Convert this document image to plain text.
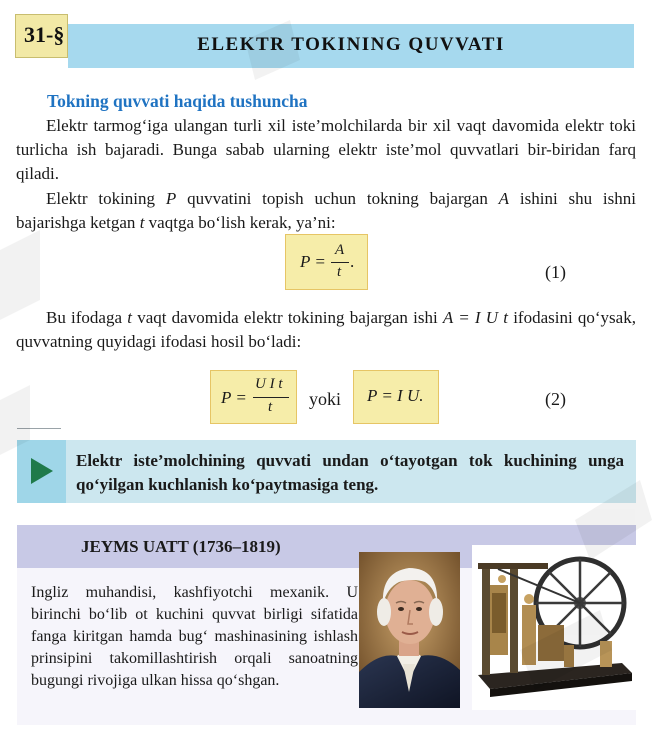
ELEKTR TOKINING QUVVATI
31-§
Tokning quvvati haqida tushuncha
Elektr tarmog‘iga ulangan turli xil iste’molchilarda bir xil vaqt davomida elektr toki turlicha ish bajaradi. Bunga sabab ularning elektr iste’mol quvvatlari bir-biridan farq qiladi.
Elektr tokining P quvvatini topish uchun tokning bajargan A ishini shu ishni bajarishga ketgan t vaqtga bo‘lish kerak, ya’ni:
P =
A
t
.
(1)
Bu ifodaga t vaqt davomida elektr tokining bajargan ishi A = I U t ifodasini qo‘ysak, quvvatning quyidagi ifodasi hosil bo‘ladi:
P =
U I t
t yoki P = I U.	(2)
Elektr iste’molchining quvvati undan o‘tayotgan tok kuchining unga qo‘yilgan kuchlanish ko‘paytmasiga teng.
JEYMS UATT (1736–1819)
Ingliz muhandisi, kashfiyotchi mexanik. U birinchi bo‘lib ot kuchini quvvat birligi sifatida fanga kiritgan hamda bug‘ mashinasining ishlash prinsipini takomillashtirish orqali sanoatning bugungi rivojiga ulkan hissa qo‘shgan.
